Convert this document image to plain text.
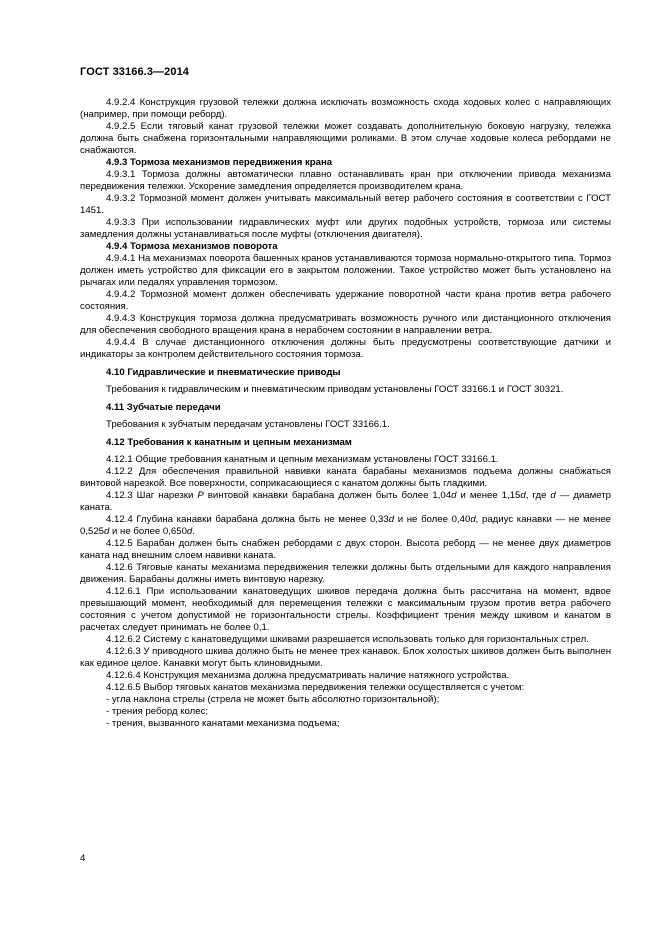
ГОСТ 33166.3—2014

4.9.2.4 Конструкция грузовой тележки должна исключать возможность схода ходовых колес с направляющих (например, при помощи реборд).

4.9.2.5 Если тяговый канат грузовой тележки может создавать дополнительную боковую нагрузку, тележка должна быть снабжена горизонтальными направляющими роликами. В этом случае ходовые колеса ребордами не снабжаются.

4.9.3 Тормоза механизмов передвижения крана

4.9.3.1 Тормоза должны автоматически плавно останавливать кран при отключении привода механизма передвижения тележки. Ускорение замедления определяется производителем крана.

4.9.3.2 Тормозной момент должен учитывать максимальный ветер рабочего состояния в соответствии с ГОСТ 1451.

4.9.3.3 При использовании гидравлических муфт или других подобных устройств, тормоза или системы замедления должны устанавливаться после муфты (отключения двигателя).

4.9.4 Тормоза механизмов поворота

4.9.4.1 На механизмах поворота башенных кранов устанавливаются тормоза нормально-открытого типа. Тормоз должен иметь устройство для фиксации его в закрытом положении. Такое устройство может быть установлено на рычагах или педалях управления тормозом.

4.9.4.2 Тормозной момент должен обеспечивать удержание поворотной части крана против ветра рабочего состояния.

4.9.4.3 Конструкция тормоза должна предусматривать возможность ручного или дистанционного отключения для обеспечения свободного вращения крана в нерабочем состоянии в направлении ветра.

4.9.4.4 В случае дистанционного отключения должны быть предусмотрены соответствующие датчики и индикаторы за контролем действительного состояния тормоза.

4.10 Гидравлические и пневматические приводы

Требования к гидравлическим и пневматическим приводам установлены ГОСТ 33166.1 и ГОСТ 30321.

4.11 Зубчатые передачи

Требования к зубчатым передачам установлены ГОСТ 33166.1.

4.12 Требования к канатным и цепным механизмам

4.12.1 Общие требования канатным и цепным механизмам установлены ГОСТ 33166.1.

4.12.2 Для обеспечения правильной навивки каната барабаны механизмов подъема должны снабжаться винтовой нарезкой. Все поверхности, соприкасающиеся с канатом должны быть гладкими.

4.12.3 Шаг нарезки P винтовой канавки барабана должен быть более 1,04d и менее 1,15d, где d — диаметр каната.

4.12.4 Глубина канавки барабана должна быть не менее 0,33d и не более 0,40d, радиус канавки — не менее 0,525d и не более 0,650d.

4.12.5 Барабан должен быть снабжен ребордами с двух сторон. Высота реборд — не менее двух диаметров каната над внешним слоем навивки каната.

4.12.6 Тяговые канаты механизма передвижения тележки должны быть отдельными для каждого направления движения. Барабаны должны иметь винтовую нарезку.

4.12.6.1 При использовании канатоведущих шкивов передача должна быть рассчитана на момент, вдвое превышающий момент, необходимый для перемещения тележки с максимальным грузом против ветра рабочего состояния с учетом допустимой не горизонтальности стрелы. Коэффициент трения между шкивом и канатом в расчетах следует принимать не более 0,1.

4.12.6.2 Систему с канатоведущими шкивами разрешается использовать только для горизонтальных стрел.

4.12.6.3 У приводного шкива должно быть не менее трех канавок. Блок холостых шкивов должен быть выполнен как единое целое. Канавки могут быть клиновидными.

4.12.6.4 Конструкция механизма должна предусматривать наличие натяжного устройства.

4.12.6.5 Выбор тяговых канатов механизма передвижения тележки осуществляется с учетом:

- угла наклона стрелы (стрела не может быть абсолютно горизонтальной);

- трения реборд колес;

- трения, вызванного канатами механизма подъема;

4
